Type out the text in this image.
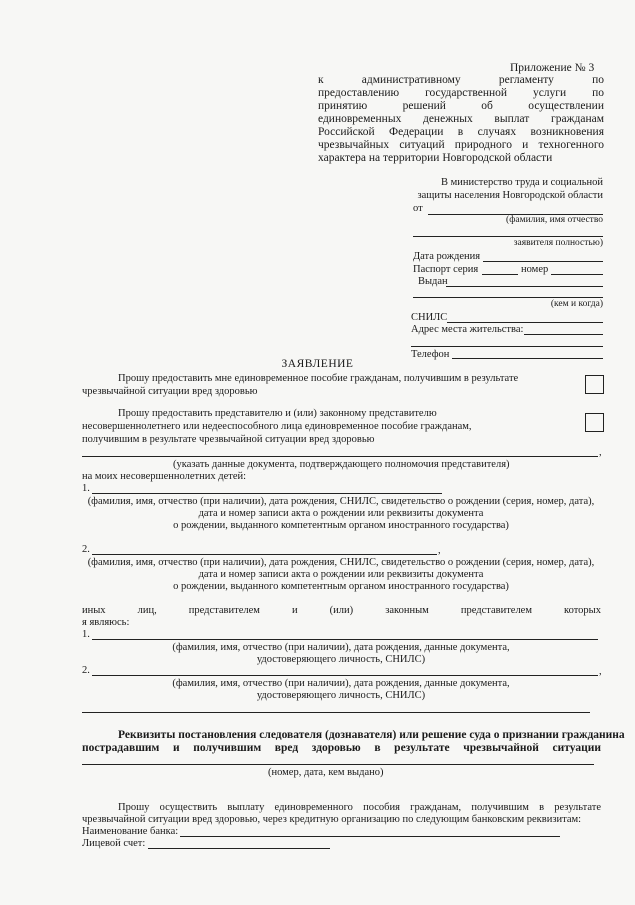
Приложение № 3
к административному регламенту по
предоставлению государственной услуги по
принятию решений об осуществлении
единовременных денежных выплат гражданам
Российской Федерации в случаях возникновения
чрезвычайных ситуаций природного и техногенного
характера на территории Новгородской области
В министерство труда и социальной
защиты населения Новгородской области
от
(фамилия, имя отчество
заявителя полностью)
Дата рождения
Паспорт серия	номер
Выдан
(кем и когда)
СНИЛС
Адрес места жительства:
Телефон
ЗАЯВЛЕНИЕ
Прошу предоставить мне единовременное пособие гражданам, получившим в результате
чрезвычайной ситуации вред здоровью
Прошу предоставить представителю и (или) законному представителю
несовершеннолетнего или недееспособного лица единовременное пособие гражданам,
получившим в результате чрезвычайной ситуации вред здоровью
,
(указать данные документа, подтверждающего полномочия представителя)
на моих несовершеннолетних детей:
1.
(фамилия, имя, отчество (при наличии), дата рождения, СНИЛС, свидетельство о рождении (серия, номер, дата),
дата и номер записи акта о рождении или реквизиты документа
о рождении, выданного компетентным органом иностранного государства)
2.	,
(фамилия, имя, отчество (при наличии), дата рождения, СНИЛС, свидетельство о рождении (серия, номер, дата),
дата и номер записи акта о рождении или реквизиты документа
о рождении, выданного компетентным органом иностранного государства)
иных лиц, представителем и (или) законным представителем которых
я являюсь:
1.
(фамилия, имя, отчество (при наличии), дата рождения, данные документа,
удостоверяющего личность, СНИЛС)
2.	,
(фамилия, имя, отчество (при наличии), дата рождения, данные документа,
удостоверяющего личность, СНИЛС)
Реквизиты постановления следователя (дознавателя) или решение суда о признании гражданина
пострадавшим и получившим вред здоровью в результате чрезвычайной ситуации
(номер, дата, кем выдано)
Прошу осуществить выплату единовременного пособия гражданам, получившим в результате
чрезвычайной ситуации вред здоровью, через кредитную организацию по следующим банковским реквизитам:
Наименование банка:
Лицевой счет:
